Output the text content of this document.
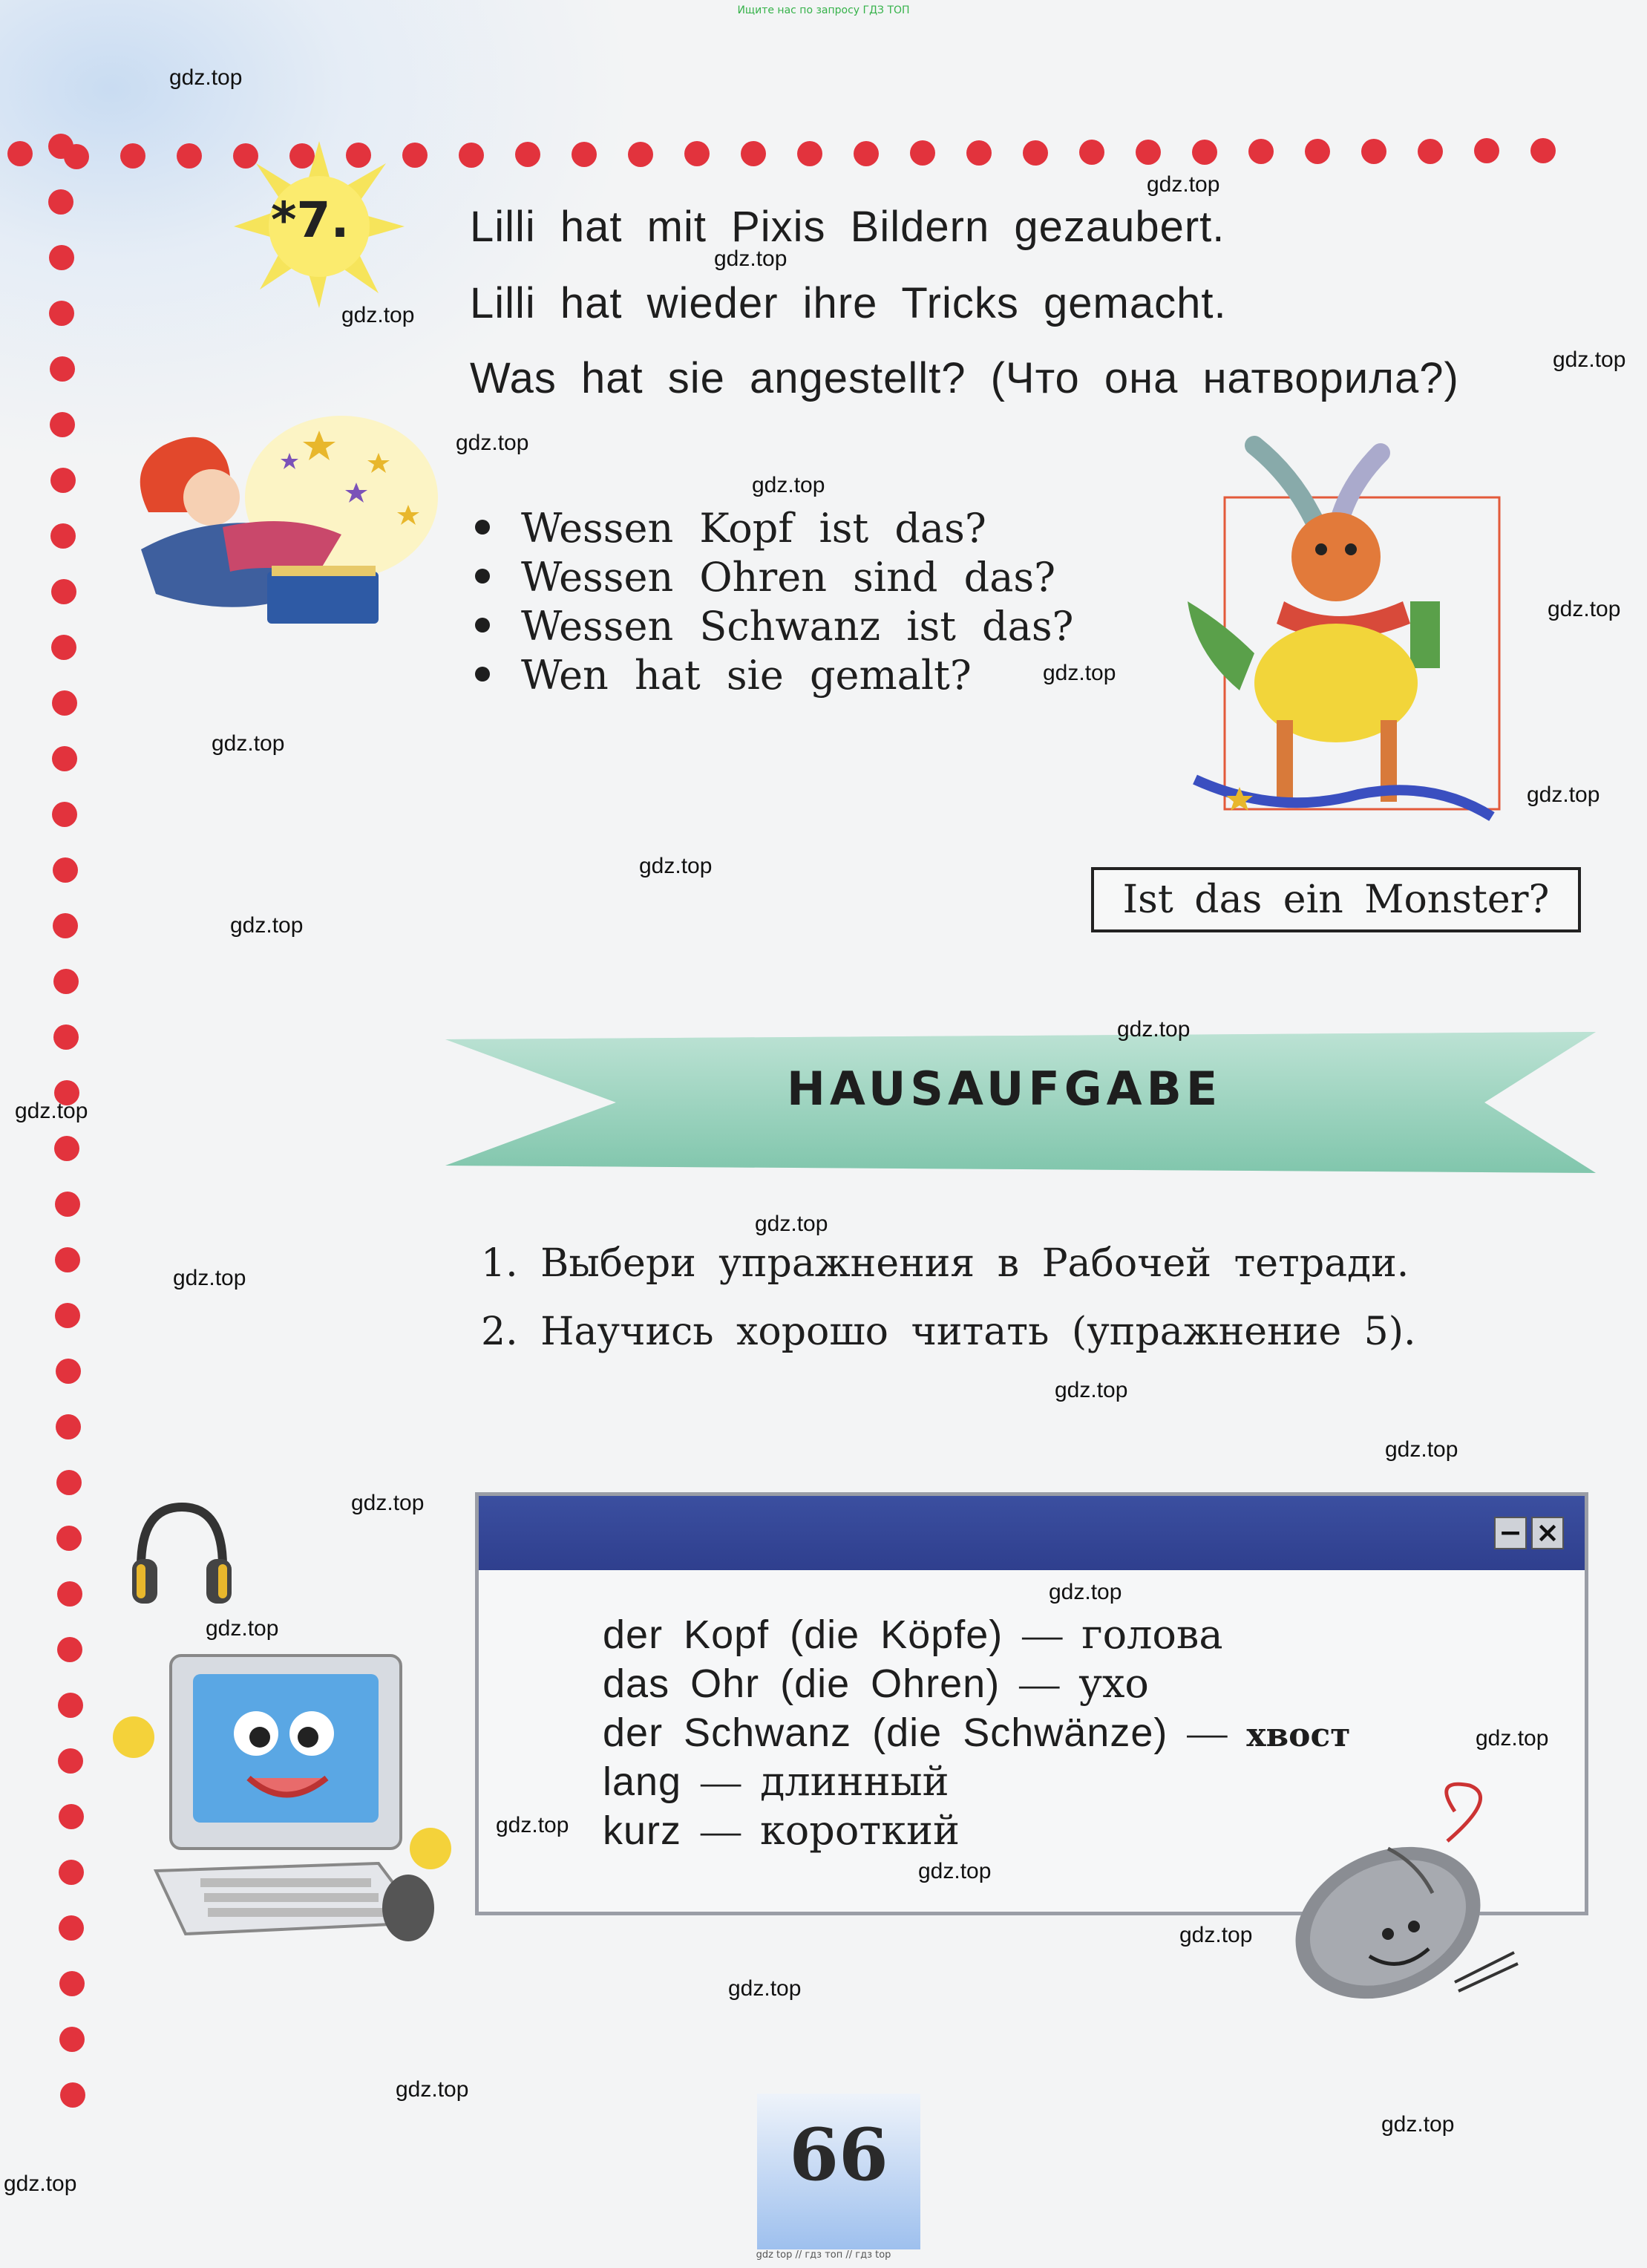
Ищите нас по запросу ГДЗ ТОП
*7.	Lilli hat mit Pixis Bildern gezaubert.
Lilli hat wieder ihre Tricks gemacht.
Was hat sie angestellt? (Что она натворила?)
Wessen Kopf ist das?
Wessen Ohren sind das?
Wessen Schwanz ist das?
Wen hat sie gemalt?
Ist das ein Monster?
HAUSAUFGABE
1. Выбери упражнения в Рабочей тетради.
2. Научись хорошо читать (упражнение 5).
− ×
der Kopf (die Köpfe) — голова
das Ohr (die Ohren) — ухо
der Schwanz (die Schwänze) — хвост
lang — длинный
kurz — короткий
66
gdz top // гдз топ // гдз top
gdz.top
gdz.top
gdz.top
gdz.top
gdz.top
gdz.top
gdz.top
gdz.top
gdz.top
gdz.top
gdz.top
gdz.top
gdz.top
gdz.top
gdz.top
gdz.top
gdz.top
gdz.top
gdz.top
gdz.top
gdz.top
gdz.top
gdz.top
gdz.top
gdz.top
gdz.top
gdz.top
gdz.top
gdz.top
gdz.top
